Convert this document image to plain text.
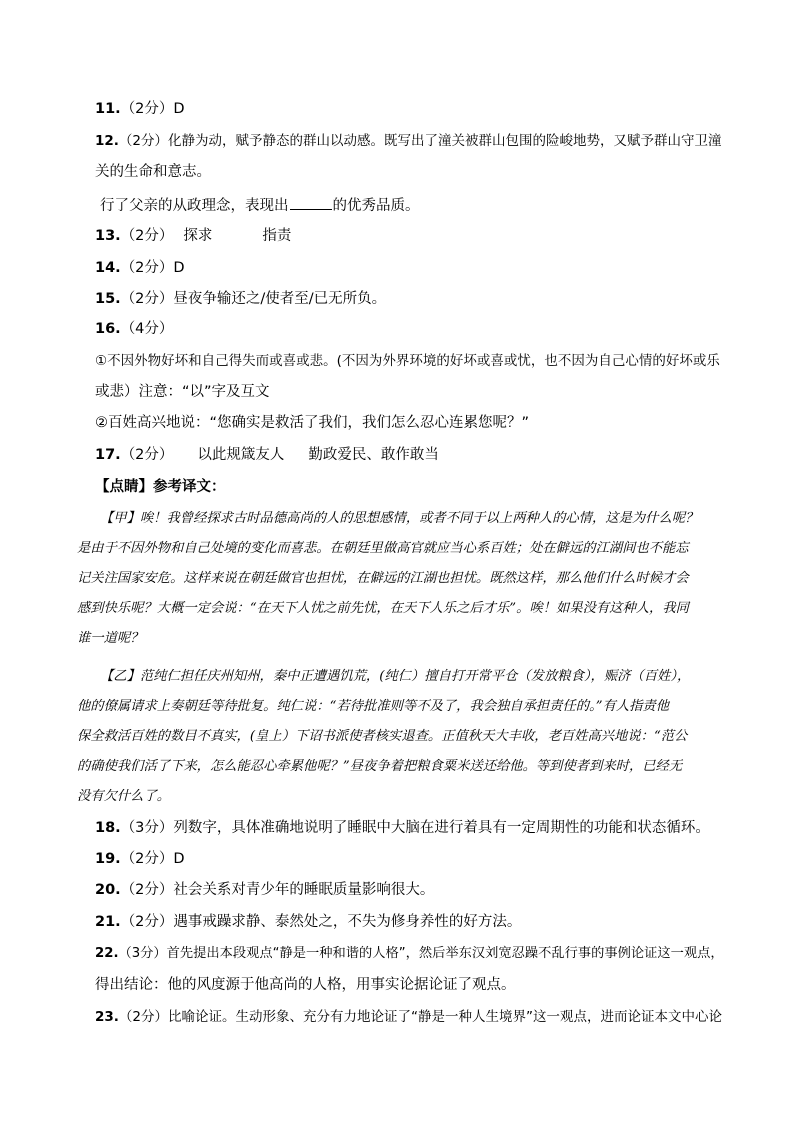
11.（2分）D
12.（2分）化静为动，赋予静态的群山以动感。既写出了潼关被群山包围的险峻地势，又赋予群山守卫潼
关的生命和意志。
行了父亲的从政理念，表现出	的优秀品质。
13.（2分） 探求	指责
14.（2分）D
15.（2分）昼夜争输还之/使者至/已无所负。
16.（4分）
①不因外物好坏和自己得失而或喜或悲。(不因为外界环境的好坏或喜或忧，也不因为自己心情的好坏或乐
或悲）注意：“以”字及互文
②百姓高兴地说：“您确实是救活了我们，我们怎么忍心连累您呢？”
17.（2分） 以此规箴友人 勤政爱民、敢作敢当
【点睛】参考译文：
【甲】唉！我曾经探求古时品德高尚的人的思想感情，或者不同于以上两种人的心情，这是为什么呢？
是由于不因外物和自己处境的变化而喜悲。在朝廷里做高官就应当心系百姓；处在僻远的江湖间也不能忘
记关注国家安危。这样来说在朝廷做官也担忧，在僻远的江湖也担忧。既然这样，那么他们什么时候才会
感到快乐呢？大概一定会说：“在天下人忧之前先忧，在天下人乐之后才乐”。唉！如果没有这种人，我同
谁一道呢？
【乙】范纯仁担任庆州知州，秦中正遭遇饥荒，(纯仁）擅自打开常平仓（发放粮食），赈济（百姓），
他的僚属请求上奏朝廷等待批复。纯仁说：“若待批准则等不及了，我会独自承担责任的。”有人指责他
保全救活百姓的数目不真实，(皇上）下诏书派使者核实退查。正值秋天大丰收，老百姓高兴地说：“范公
的确使我们活了下来，怎么能忍心牵累他呢？”昼夜争着把粮食粟米送还给他。等到使者到来时，已经无
没有欠什么了。
18.（3分）列数字，具体准确地说明了睡眠中大脑在进行着具有一定周期性的功能和状态循环。
19.（2分）D
20.（2分）社会关系对青少年的睡眠质量影响很大。
21.（2分）遇事戒躁求静、泰然处之，不失为修身养性的好方法。
22.（3分）首先提出本段观点“静是一种和谐的人格”，然后举东汉刘宽忍躁不乱行事的事例论证这一观点，
得出结论：他的风度源于他高尚的人格，用事实论据论证了观点。
23.（2分）比喻论证。生动形象、充分有力地论证了“静是一种人生境界”这一观点，进而论证本文中心论
